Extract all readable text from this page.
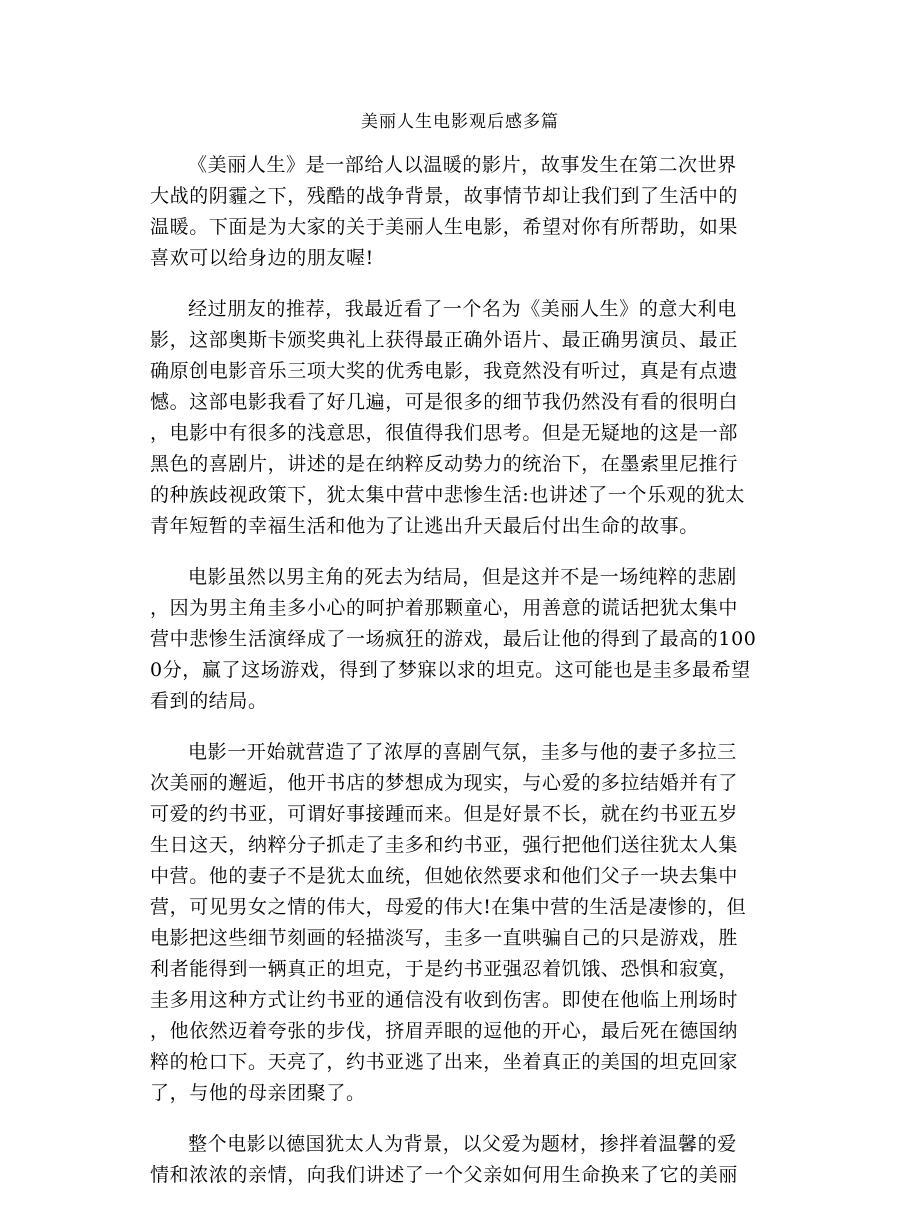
美丽人生电影观后感多篇
《美丽人生》是一部给人以温暖的影片，故事发生在第二次世界
大战的阴霾之下，残酷的战争背景，故事情节却让我们到了生活中的
温暖。下面是为大家的关于美丽人生电影，希望对你有所帮助，如果
喜欢可以给身边的朋友喔!
经过朋友的推荐，我最近看了一个名为《美丽人生》的意大利电
影，这部奥斯卡颁奖典礼上获得最正确外语片、最正确男演员、最正
确原创电影音乐三项大奖的优秀电影，我竟然没有听过，真是有点遗
憾。这部电影我看了好几遍，可是很多的细节我仍然没有看的很明白
，电影中有很多的浅意思，很值得我们思考。但是无疑地的这是一部
黑色的喜剧片，讲述的是在纳粹反动势力的统治下，在墨索里尼推行
的种族歧视政策下，犹太集中营中悲惨生活:也讲述了一个乐观的犹太
青年短暂的幸福生活和他为了让逃出升天最后付出生命的故事。
电影虽然以男主角的死去为结局，但是这并不是一场纯粹的悲剧
，因为男主角圭多小心的呵护着那颗童心，用善意的谎话把犹太集中
营中悲惨生活演绎成了一场疯狂的游戏，最后让他的得到了最高的100
0分，赢了这场游戏，得到了梦寐以求的坦克。这可能也是圭多最希望
看到的结局。
电影一开始就营造了了浓厚的喜剧气氛，圭多与他的妻子多拉三
次美丽的邂逅，他开书店的梦想成为现实，与心爱的多拉结婚并有了
可爱的约书亚，可谓好事接踵而来。但是好景不长，就在约书亚五岁
生日这天，纳粹分子抓走了圭多和约书亚，强行把他们送往犹太人集
中营。他的妻子不是犹太血统，但她依然要求和他们父子一块去集中
营，可见男女之情的伟大，母爱的伟大!在集中营的生活是凄惨的，但
电影把这些细节刻画的轻描淡写，圭多一直哄骗自己的只是游戏，胜
利者能得到一辆真正的坦克，于是约书亚强忍着饥饿、恐惧和寂寞，
圭多用这种方式让约书亚的通信没有收到伤害。即使在他临上刑场时
，他依然迈着夸张的步伐，挤眉弄眼的逗他的开心，最后死在德国纳
粹的枪口下。天亮了，约书亚逃了出来，坐着真正的美国的坦克回家
了，与他的母亲团聚了。
整个电影以德国犹太人为背景，以父爱为题材，掺拌着温馨的爱
情和浓浓的亲情，向我们讲述了一个父亲如何用生命换来了它的美丽
